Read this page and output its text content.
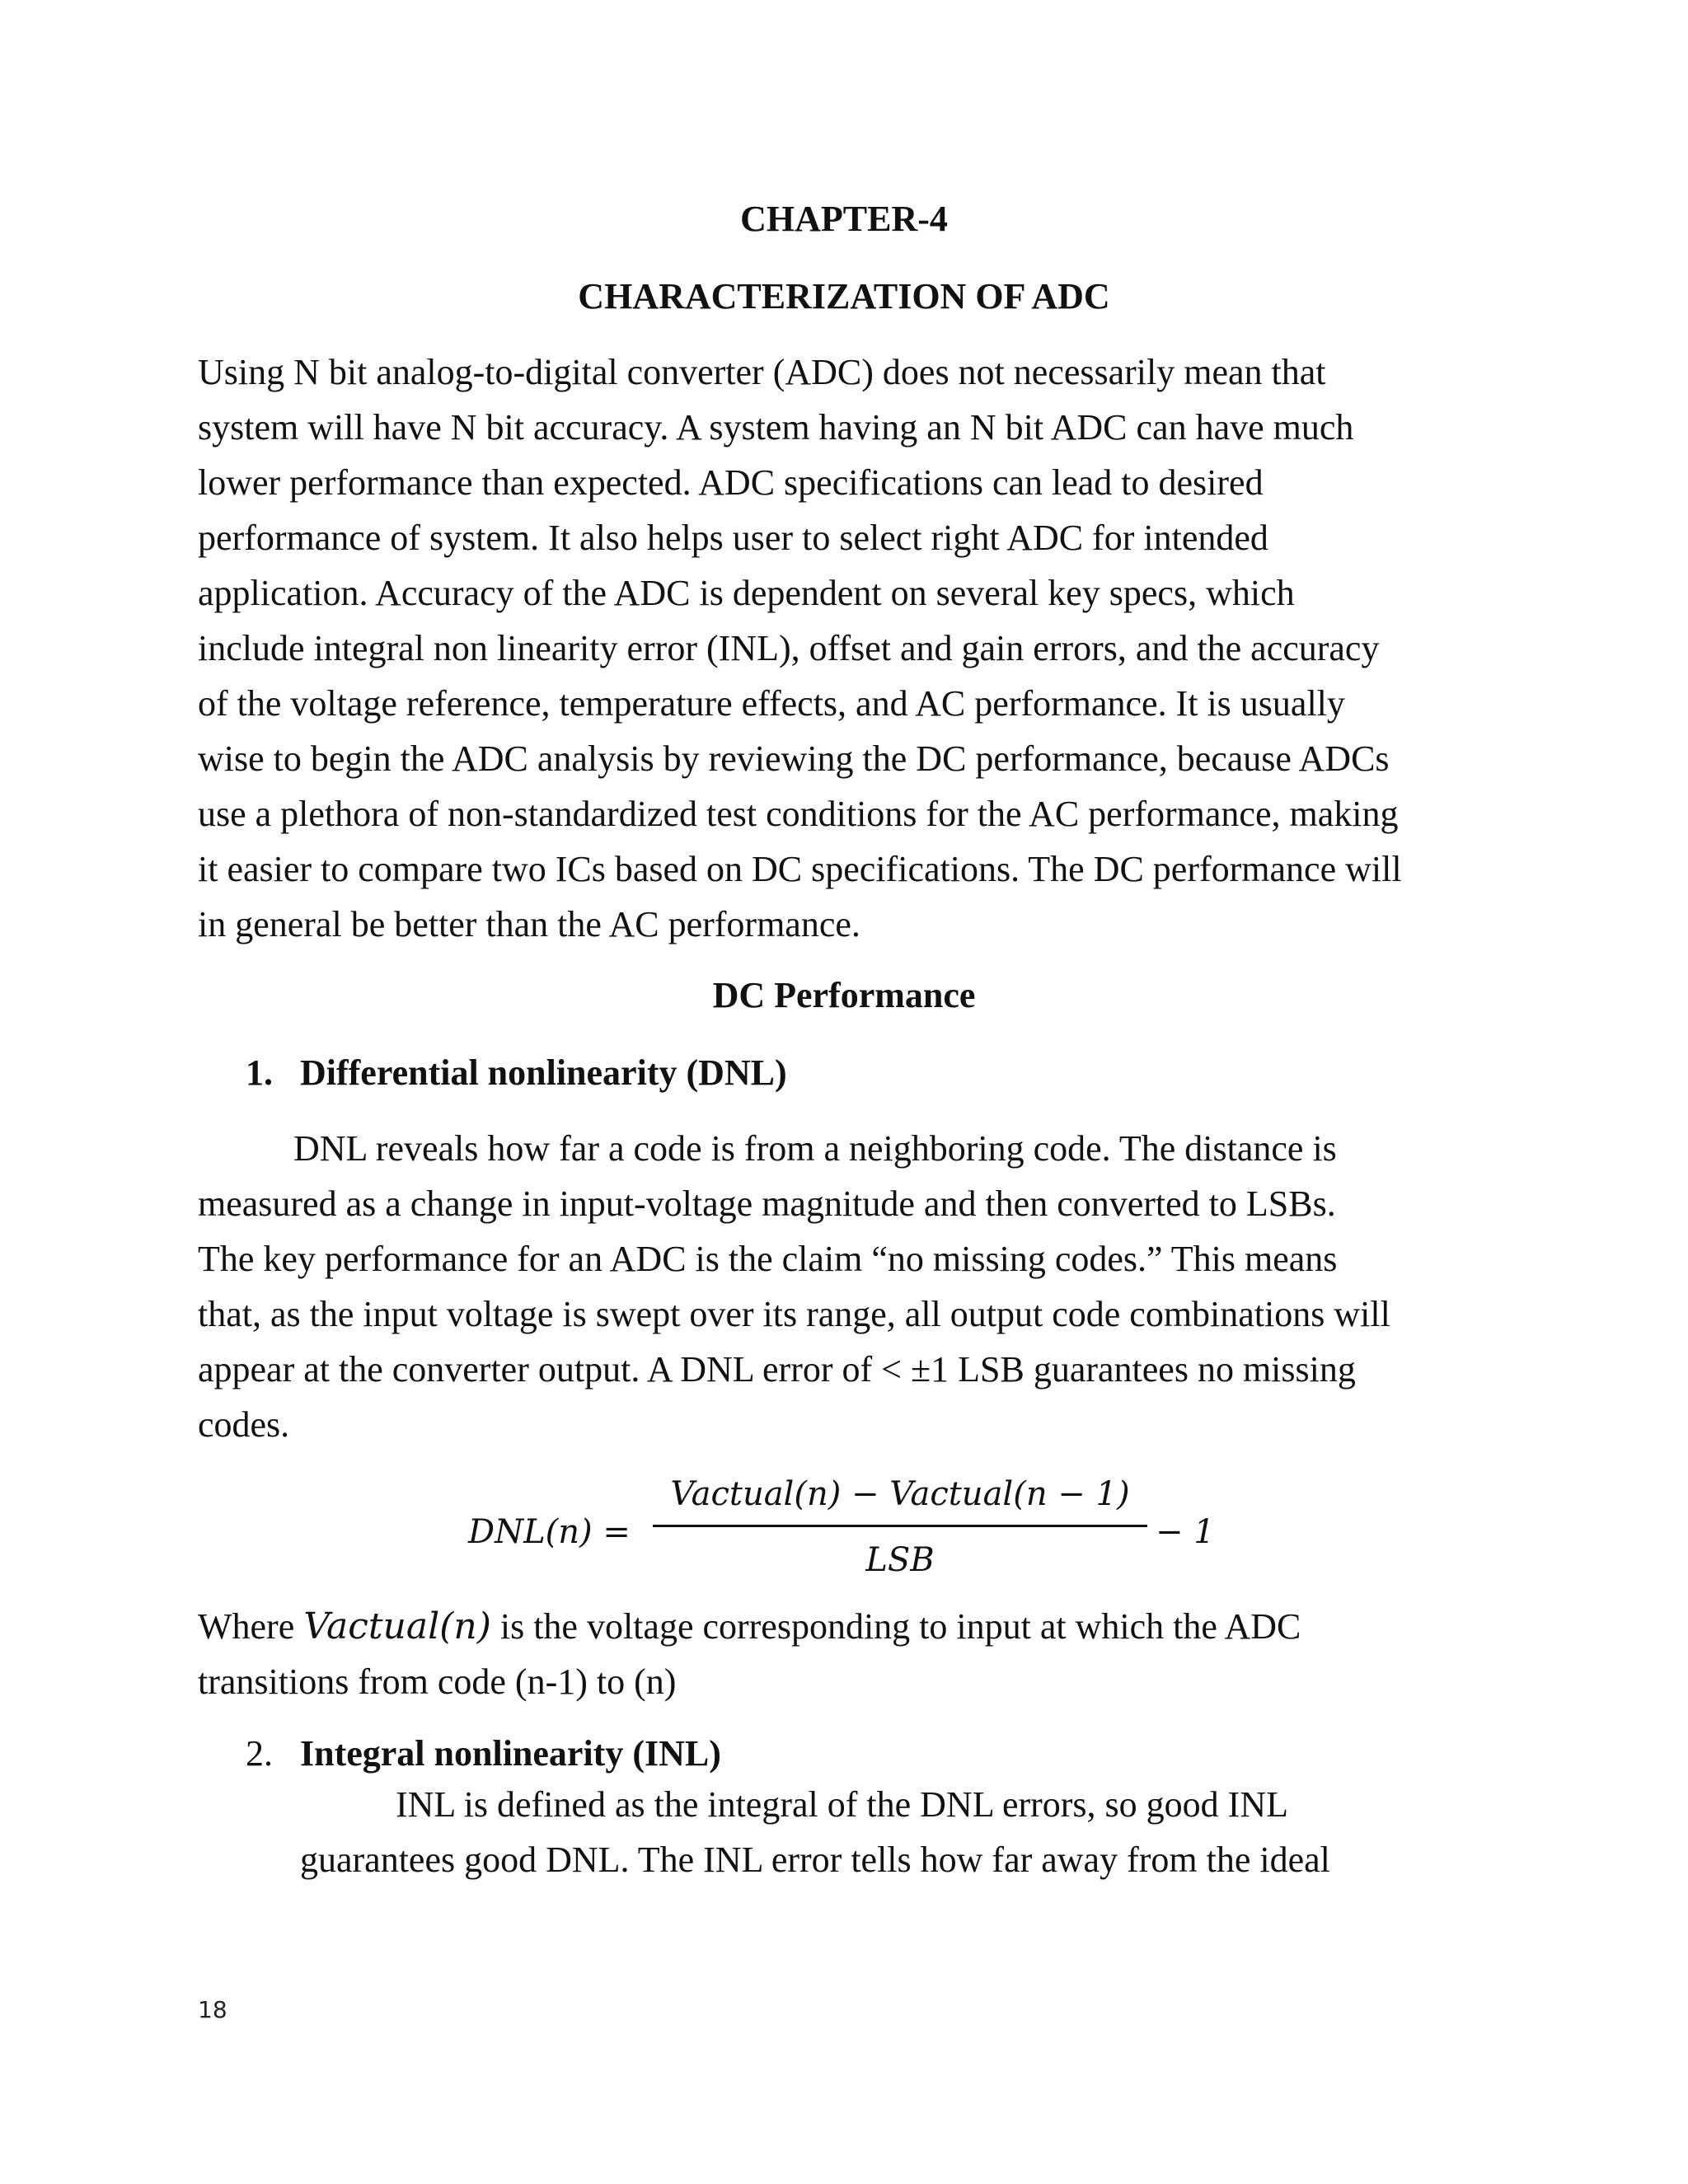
CHAPTER-4
CHARACTERIZATION OF ADC
Using N bit analog-to-digital converter (ADC) does not necessarily mean that
system will have N bit accuracy. A system having an N bit ADC can have much
lower performance than expected. ADC specifications can lead to desired
performance of system. It also helps user to select right ADC for intended
application. Accuracy of the ADC is dependent on several key specs, which
include integral non linearity error (INL), offset and gain errors, and the accuracy
of the voltage reference, temperature effects, and AC performance. It is usually
wise to begin the ADC analysis by reviewing the DC performance, because ADCs
use a plethora of non-standardized test conditions for the AC performance, making
it easier to compare two ICs based on DC specifications. The DC performance will
in general be better than the AC performance.
DC Performance
1. Differential nonlinearity (DNL)
DNL reveals how far a code is from a neighboring code. The distance is
measured as a change in input-voltage magnitude and then converted to LSBs.
The key performance for an ADC is the claim “no missing codes.” This means
that, as the input voltage is swept over its range, all output code combinations will
appear at the converter output. A DNL error of < ±1 LSB guarantees no missing
codes.
DNL(n) =
Vactual(n) − Vactual(n − 1)
LSB
− 1
Where Vactual(n) is the voltage corresponding to input at which the ADC
transitions from code (n-1) to (n)
2. Integral nonlinearity (INL)
INL is defined as the integral of the DNL errors, so good INL
guarantees good DNL. The INL error tells how far away from the ideal
18
